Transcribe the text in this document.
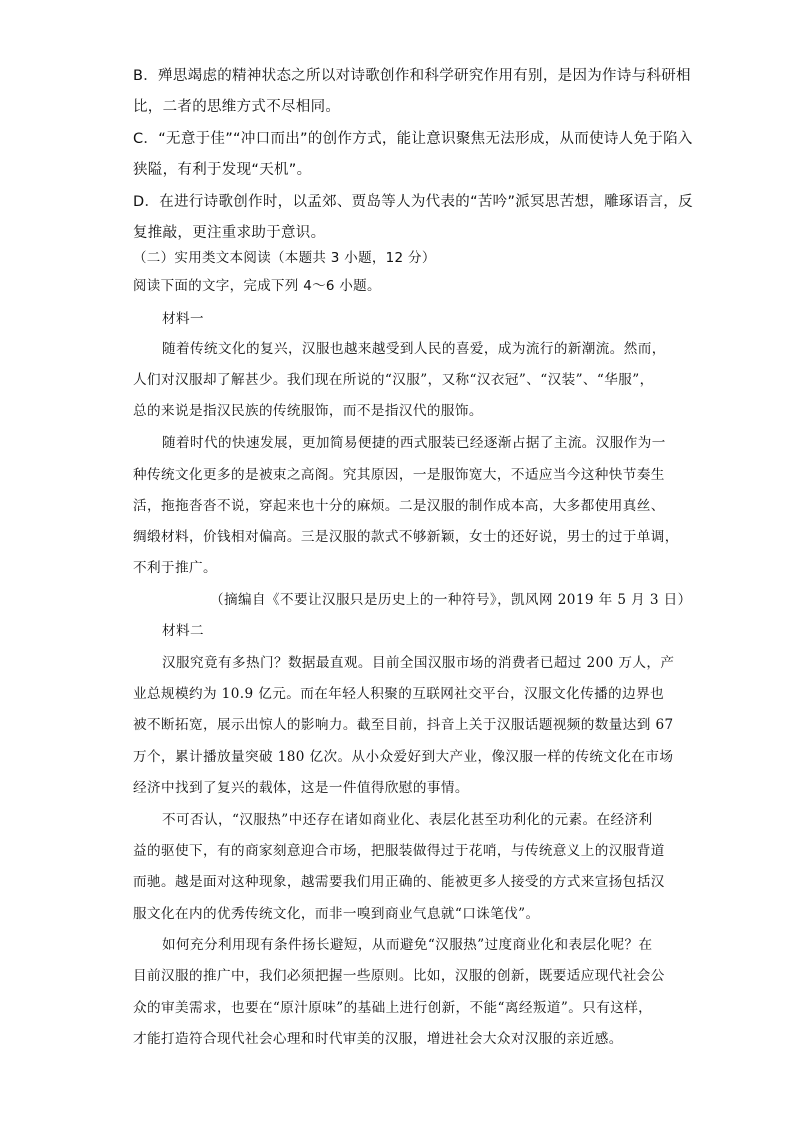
B．殚思竭虑的精神状态之所以对诗歌创作和科学研究作用有别，是因为作诗与科研相
比，二者的思维方式不尽相同。
C．“无意于佳”“冲口而出”的创作方式，能让意识聚焦无法形成，从而使诗人免于陷入
狭隘，有利于发现“天机”。
D．在进行诗歌创作时，以孟郊、贾岛等人为代表的“苦吟”派冥思苦想，雕琢语言，反
复推敲，更注重求助于意识。
（二）实用类文本阅读（本题共 3 小题，12 分）
阅读下面的文字，完成下列 4～6 小题。
材料一
随着传统文化的复兴，汉服也越来越受到人民的喜爱，成为流行的新潮流。然而，
人们对汉服却了解甚少。我们现在所说的“汉服”，又称“汉衣冠”、“汉装”、“华服”，
总的来说是指汉民族的传统服饰，而不是指汉代的服饰。
随着时代的快速发展，更加简易便捷的西式服装已经逐渐占据了主流。汉服作为一
种传统文化更多的是被束之高阁。究其原因，一是服饰宽大，不适应当今这种快节奏生
活，拖拖沓沓不说，穿起来也十分的麻烦。二是汉服的制作成本高，大多都使用真丝、
绸缎材料，价钱相对偏高。三是汉服的款式不够新颖，女士的还好说，男士的过于单调，
不利于推广。
（摘编自《不要让汉服只是历史上的一种符号》，凯风网 2019 年 5 月 3 日）
材料二
汉服究竟有多热门？数据最直观。目前全国汉服市场的消费者已超过 200 万人，产
业总规模约为 10.9 亿元。而在年轻人积聚的互联网社交平台，汉服文化传播的边界也
被不断拓宽，展示出惊人的影响力。截至目前，抖音上关于汉服话题视频的数量达到 67
万个，累计播放量突破 180 亿次。从小众爱好到大产业，像汉服一样的传统文化在市场
经济中找到了复兴的载体，这是一件值得欣慰的事情。
不可否认，“汉服热”中还存在诸如商业化、表层化甚至功利化的元素。在经济利
益的驱使下，有的商家刻意迎合市场，把服装做得过于花哨，与传统意义上的汉服背道
而驰。越是面对这种现象，越需要我们用正确的、能被更多人接受的方式来宣扬包括汉
服文化在内的优秀传统文化，而非一嗅到商业气息就“口诛笔伐”。
如何充分利用现有条件扬长避短，从而避免“汉服热”过度商业化和表层化呢？在
目前汉服的推广中，我们必须把握一些原则。比如，汉服的创新，既要适应现代社会公
众的审美需求，也要在“原汁原味”的基础上进行创新，不能“离经叛道”。只有这样，
才能打造符合现代社会心理和时代审美的汉服，增进社会大众对汉服的亲近感。
